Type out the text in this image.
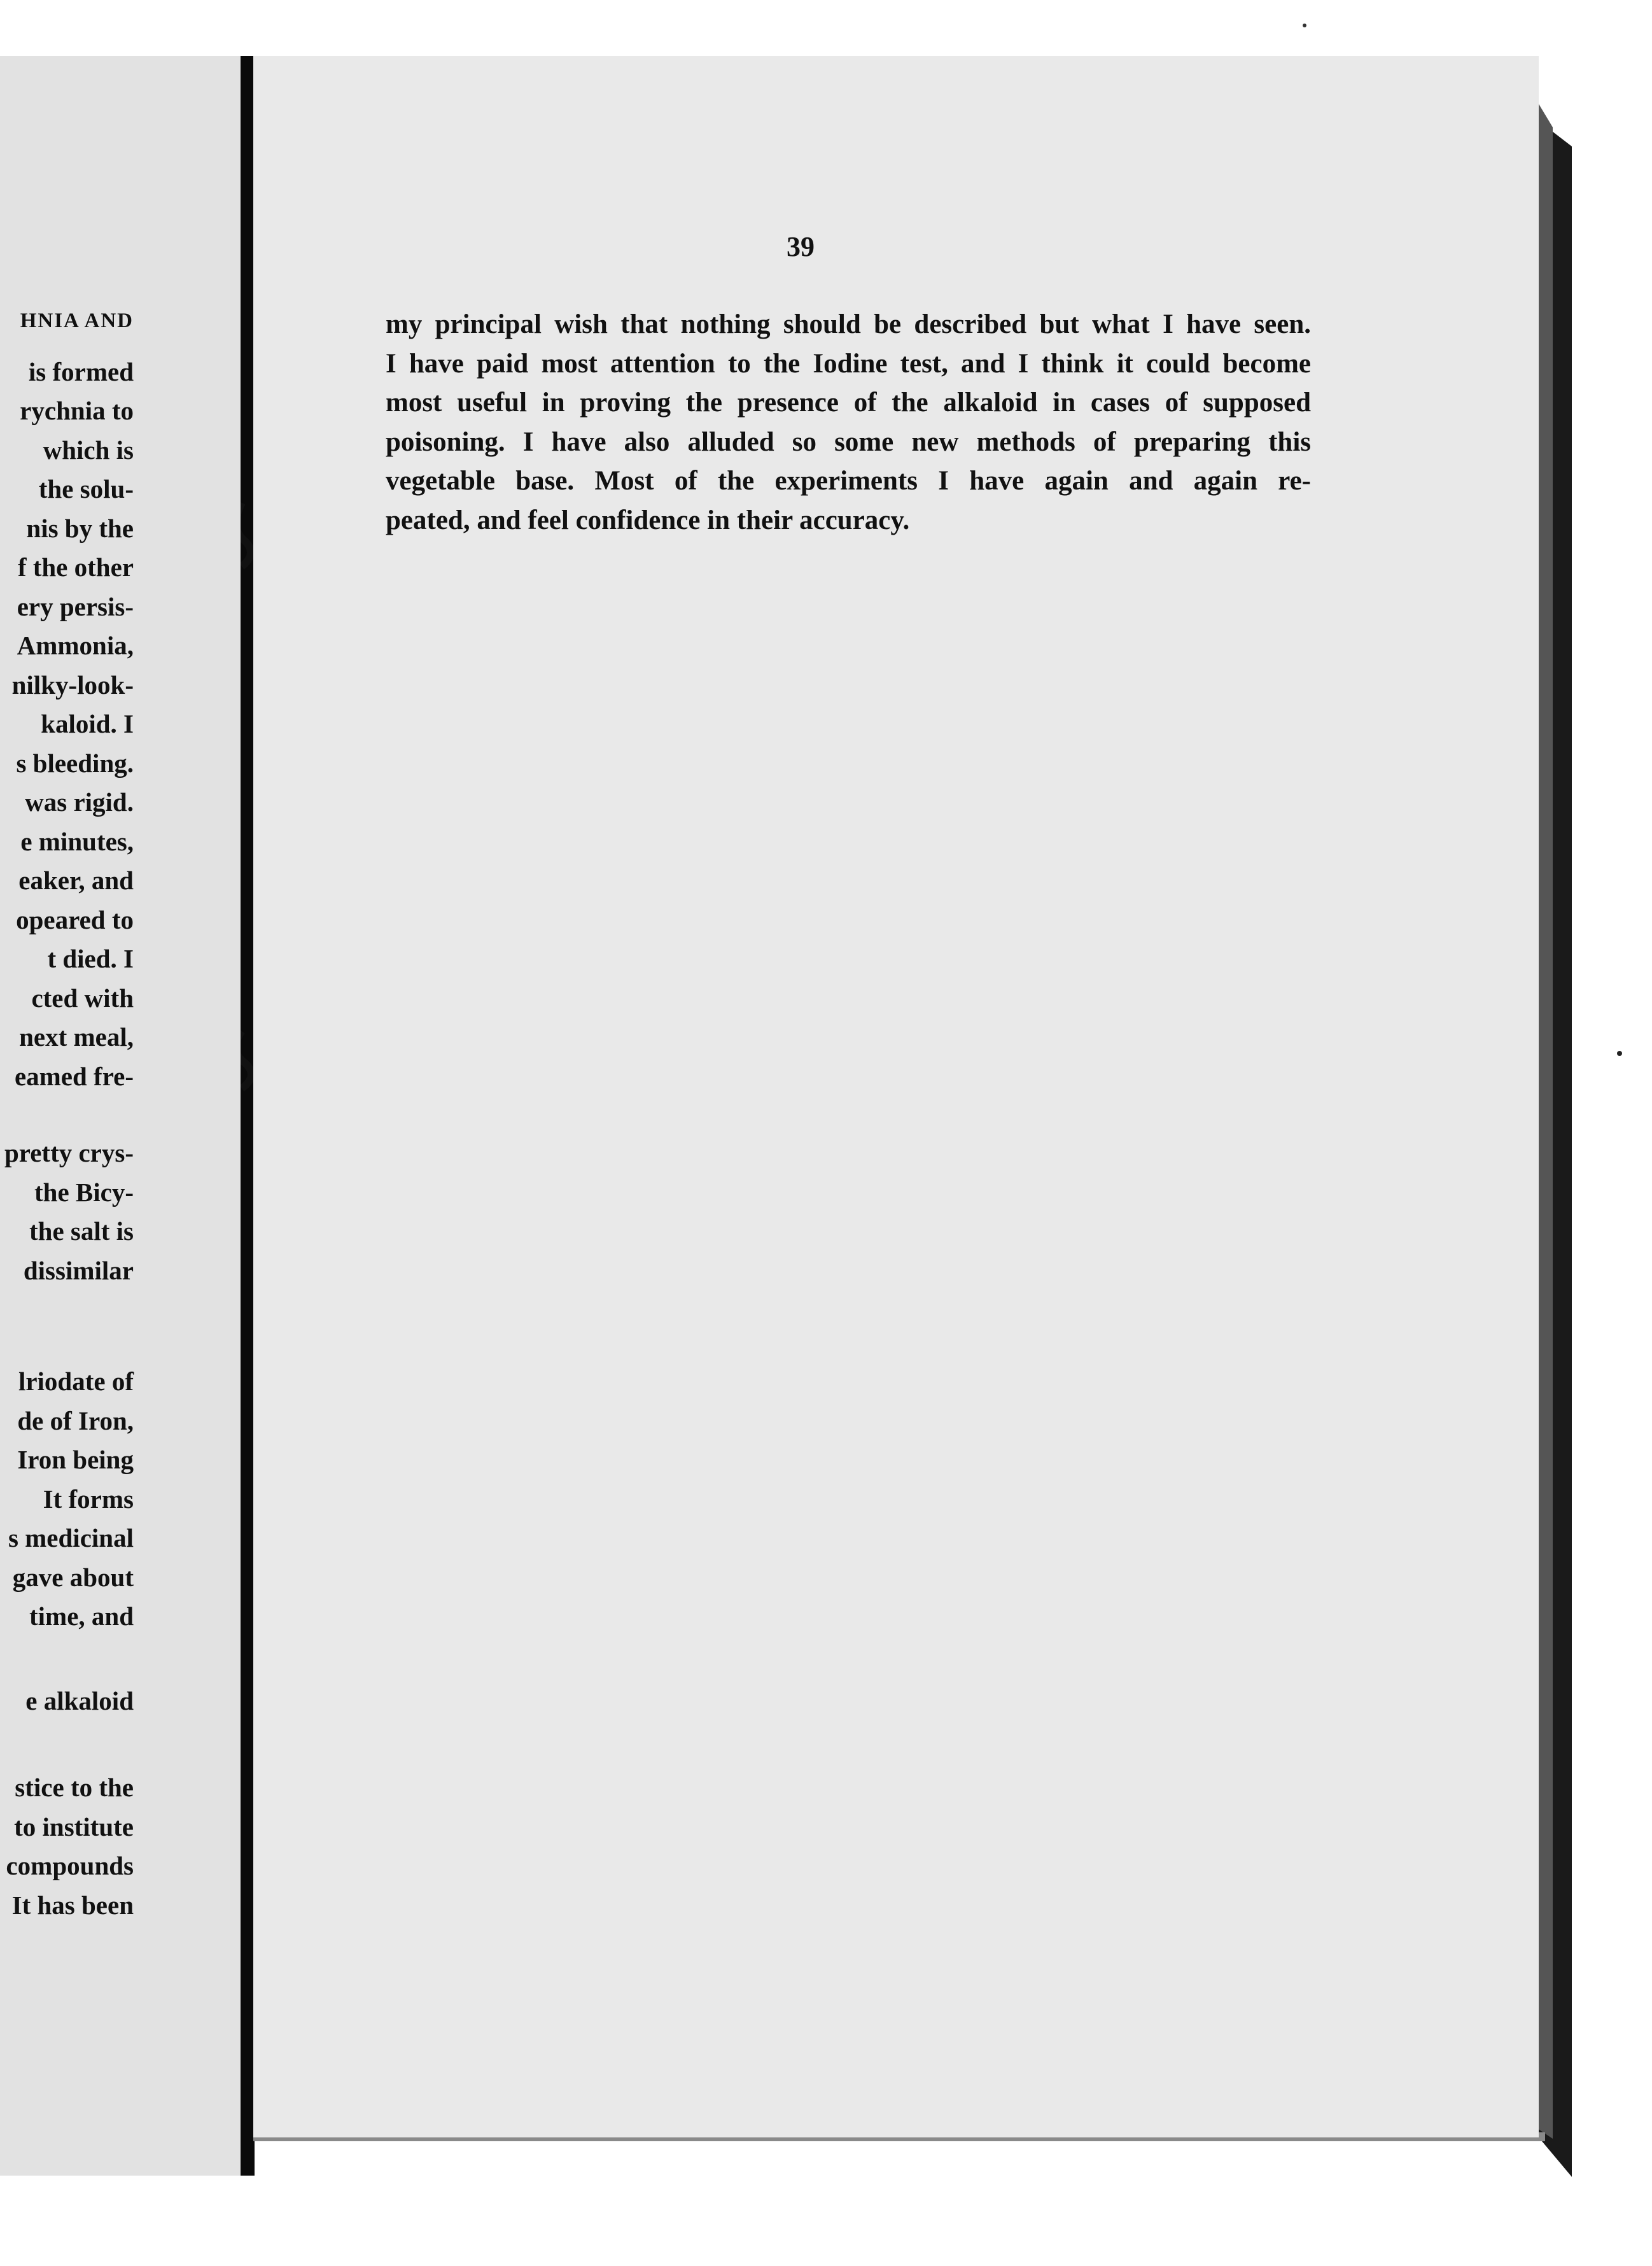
HNIA AND
is formed
rychnia to
which is
the solu-
nis by the
f the other
ery persis-
Ammonia,
nilky-look-
kaloid. I
s bleeding.
was rigid.
e minutes,
eaker, and
opeared to
t died. I
cted with
next meal,
eamed fre-
pretty crys-
the Bicy-
the salt is
dissimilar
lriodate of
de of Iron,
Iron being
It forms
s medicinal
gave about
time, and
e alkaloid
stice to the
to institute
compounds
It has been
39
my principal wish that nothing should be described but what I have seen.
I have paid most attention to the Iodine test, and I think it could become
most useful in proving the presence of the alkaloid in cases of supposed
poisoning. I have also alluded so some new methods of preparing this
vegetable base. Most of the experiments I have again and again re-
peated, and feel confidence in their accuracy.
